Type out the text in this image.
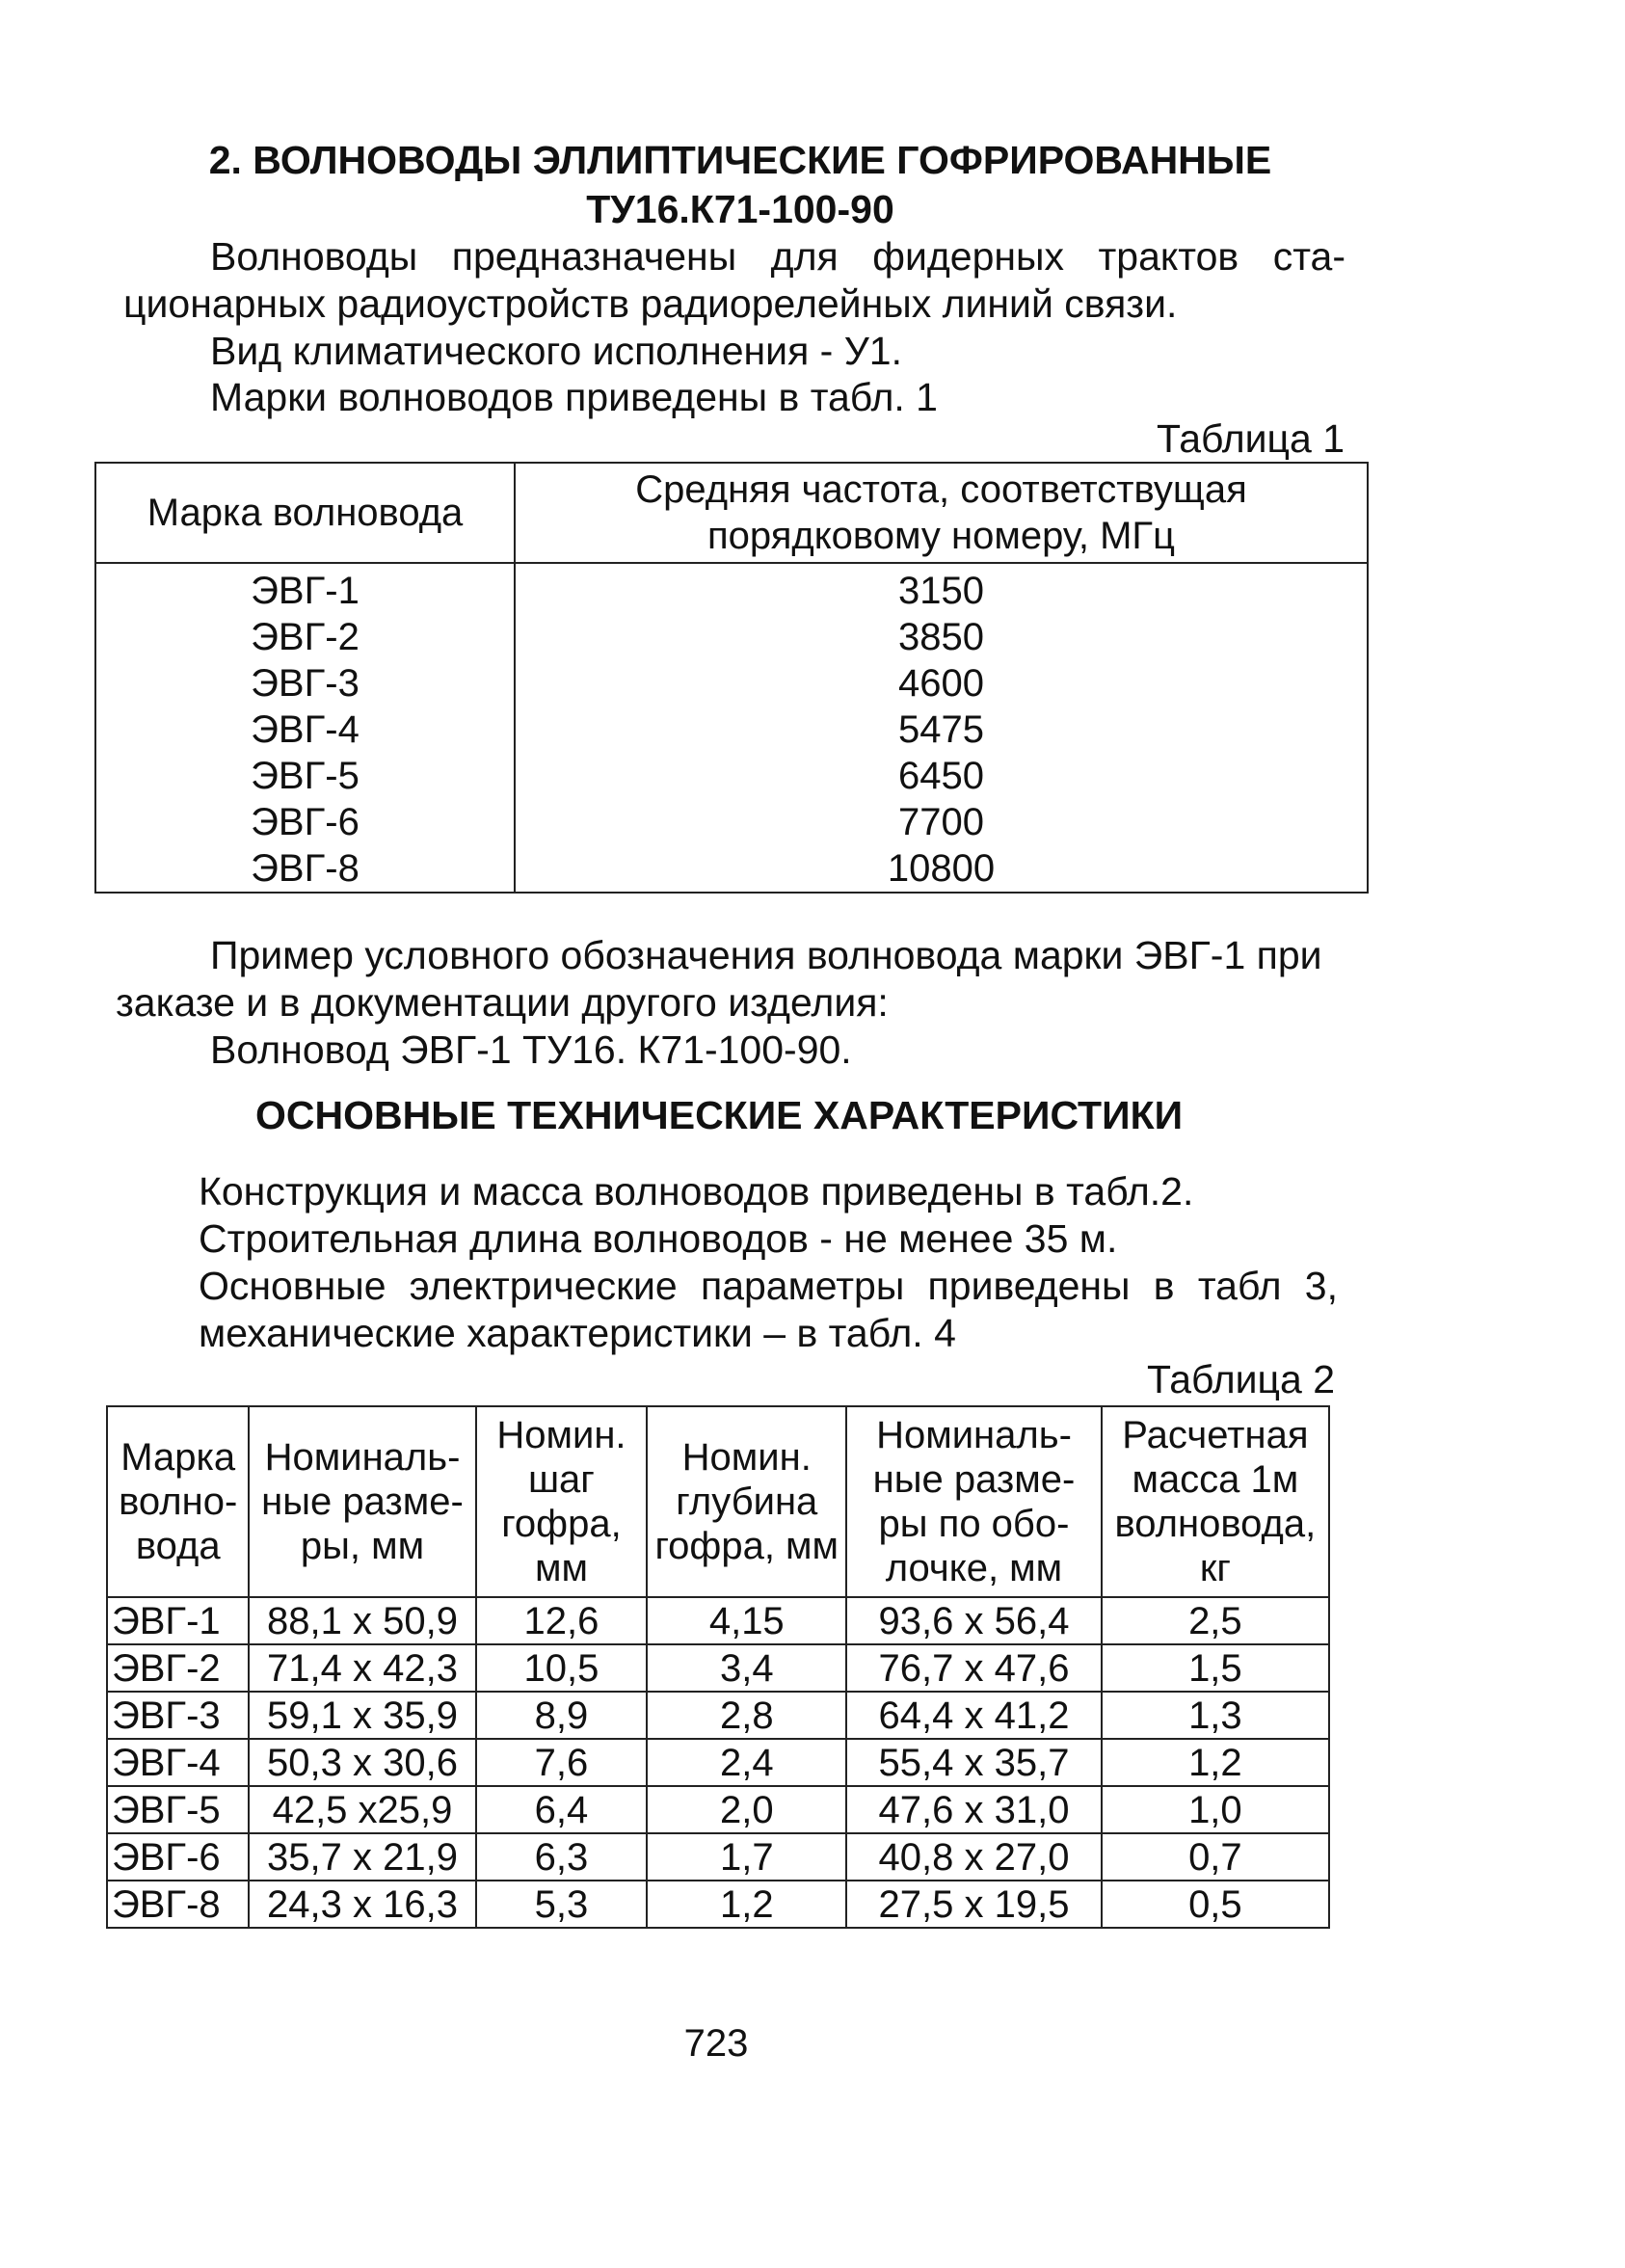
2. ВОЛНОВОДЫ ЭЛЛИПТИЧЕСКИЕ ГОФРИРОВАННЫЕ
ТУ16.К71-100-90
Волноводы предназначены для фидерных трактов ста-
ционарных радиоустройств радиорелейных линий связи.
Вид климатического исполнения - У1.
Марки волноводов приведены в табл. 1
Таблица 1
Марка волновода	Средняя частота, соответствущая порядковому номеру, МГц
ЭВГ-1	3150
ЭВГ-2	3850
ЭВГ-3	4600
ЭВГ-4	5475
ЭВГ-5	6450
ЭВГ-6	7700
ЭВГ-8	10800
Пример условного обозначения волновода марки ЭВГ-1 при
заказе и в документации другого изделия:
Волновод ЭВГ-1 ТУ16. К71-100-90.
ОСНОВНЫЕ ТЕХНИЧЕСКИЕ ХАРАКТЕРИСТИКИ
Конструкция и масса волноводов приведены в табл.2.
Строительная длина волноводов - не менее 35 м.
Основные электрические параметры приведены в табл 3,
механические характеристики – в табл. 4
Таблица 2
Марка волно-вода	Номиналь-ные разме-ры, мм	Номин. шаг гофра, мм	Номин. глубина гофра, мм	Номиналь-ные разме-ры по обо-лочке, мм	Расчетная масса 1м волновода, кг
ЭВГ-1	88,1 х 50,9	12,6	4,15	93,6 х 56,4	2,5
ЭВГ-2	71,4 х 42,3	10,5	3,4	76,7 х 47,6	1,5
ЭВГ-3	59,1 х 35,9	8,9	2,8	64,4 х 41,2	1,3
ЭВГ-4	50,3 х 30,6	7,6	2,4	55,4 х 35,7	1,2
ЭВГ-5	42,5 х25,9	6,4	2,0	47,6 х 31,0	1,0
ЭВГ-6	35,7 х 21,9	6,3	1,7	40,8 х 27,0	0,7
ЭВГ-8	24,3 х 16,3	5,3	1,2	27,5 х 19,5	0,5
723
